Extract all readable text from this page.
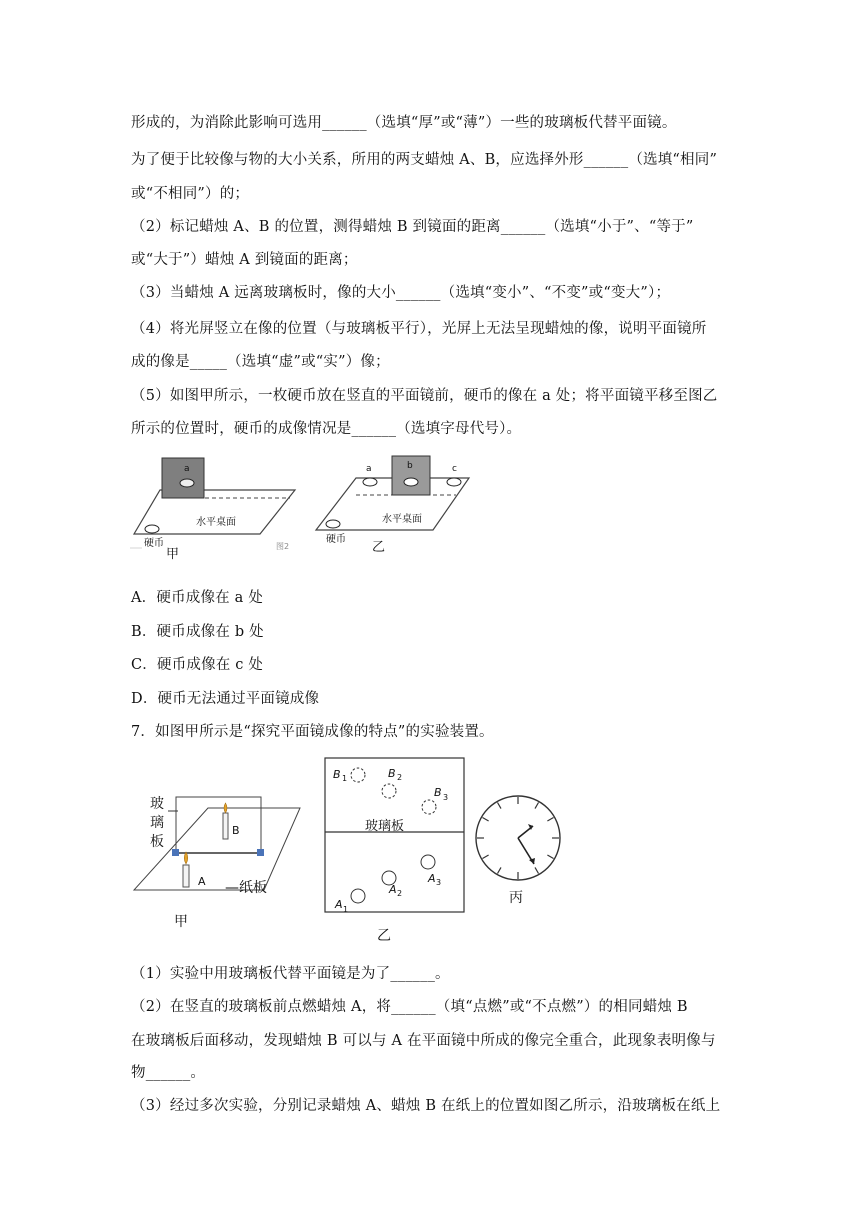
形成的，为消除此影响可选用______（选填“厚”或“薄”）一些的玻璃板代替平面镜。
为了便于比较像与物的大小关系，所用的两支蜡烛 A、B，应选择外形______（选填“相同”
或“不相同”）的；
（2）标记蜡烛 A、B 的位置，测得蜡烛 B 到镜面的距离______（选填“小于”、“等于”
或“大于”）蜡烛 A 到镜面的距离；
（3）当蜡烛 A 远离玻璃板时，像的大小______（选填“变小”、“不变”或“变大”）；
（4）将光屏竖立在像的位置（与玻璃板平行），光屏上无法呈现蜡烛的像，说明平面镜所
成的像是_____（选填“虚”或“实”）像；
（5）如图甲所示，一枚硬币放在竖直的平面镜前，硬币的像在 a 处；将平面镜平移至图乙
所示的位置时，硬币的成像情况是______（选填字母代号）。
a
水平桌面
硬币
甲
图2
a	b	c
水平桌面
硬币
乙
A．硬币成像在 a 处
B．硬币成像在 b 处
C．硬币成像在 c 处
D．硬币无法通过平面镜成像
7．如图甲所示是“探究平面镜成像的特点”的实验装置。
B
A
玻
璃
板
—纸板
甲
玻璃板
B 1	B 2
B 3
A 1
A 2
A 3
乙
丙
（1）实验中用玻璃板代替平面镜是为了______。
（2）在竖直的玻璃板前点燃蜡烛 A，将______（填“点燃”或“不点燃”）的相同蜡烛 B
在玻璃板后面移动，发现蜡烛 B 可以与 A 在平面镜中所成的像完全重合，此现象表明像与
物______。
（3）经过多次实验，分别记录蜡烛 A、蜡烛 B 在纸上的位置如图乙所示，沿玻璃板在纸上
